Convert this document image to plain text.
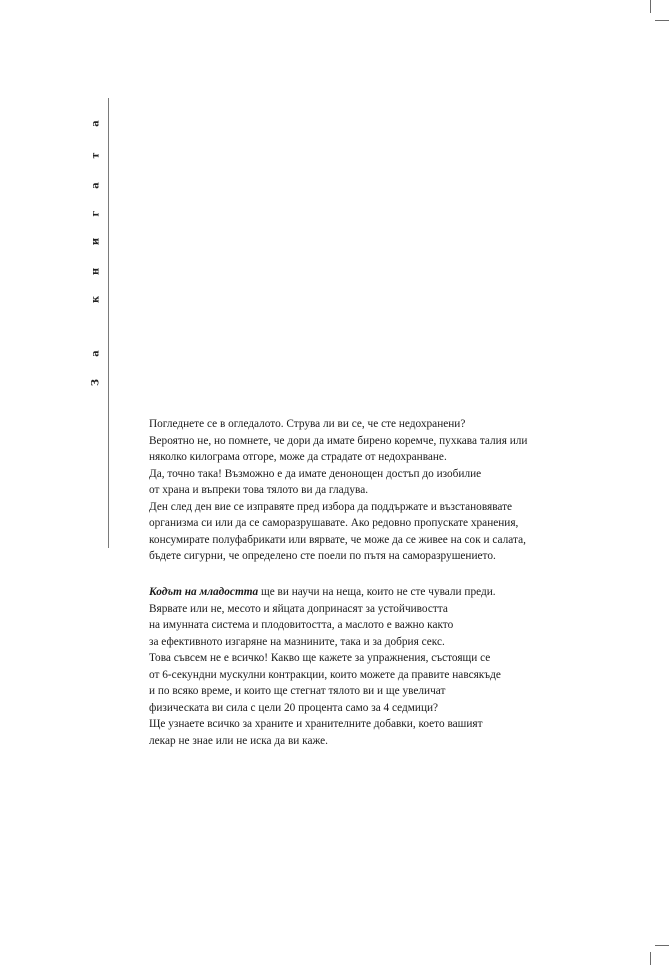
З
а
к
н
и
г
а
т
а
Погледнете се в огледалото. Струва ли ви се, че сте недохранени?
Вероятно не, но помнете, че дори да имате бирено коремче, пухкава талия или
няколко килограма отгоре, може да страдате от недохранване.
Да, точно така! Възможно е да имате денонощен достъп до изобилие
от храна и въпреки това тялото ви да гладува.
Ден след ден вие се изправяте пред избора да поддържате и възстановявате
организма си или да се саморазрушавате. Ако редовно пропускате хранения,
консумирате полуфабрикати или вярвате, че може да се живее на сок и салата,
бъдете сигурни, че определено сте поели по пътя на саморазрушението.
Кодът на младостта ще ви научи на неща, които не сте чували преди.
Вярвате или не, месото и яйцата допринасят за устойчивостта
на имунната система и плодовитостта, а маслото е важно както
за ефективното изгаряне на мазнините, така и за добрия секс.
Това съвсем не е всичко! Какво ще кажете за упражнения, състоящи се
от 6-секундни мускулни контракции, които можете да правите навсякъде
и по всяко време, и които ще стегнат тялото ви и ще увеличат
физическата ви сила с цели 20 процента само за 4 седмици?
Ще узнаете всичко за храните и хранителните добавки, което вашият
лекар не знае или не иска да ви каже.
